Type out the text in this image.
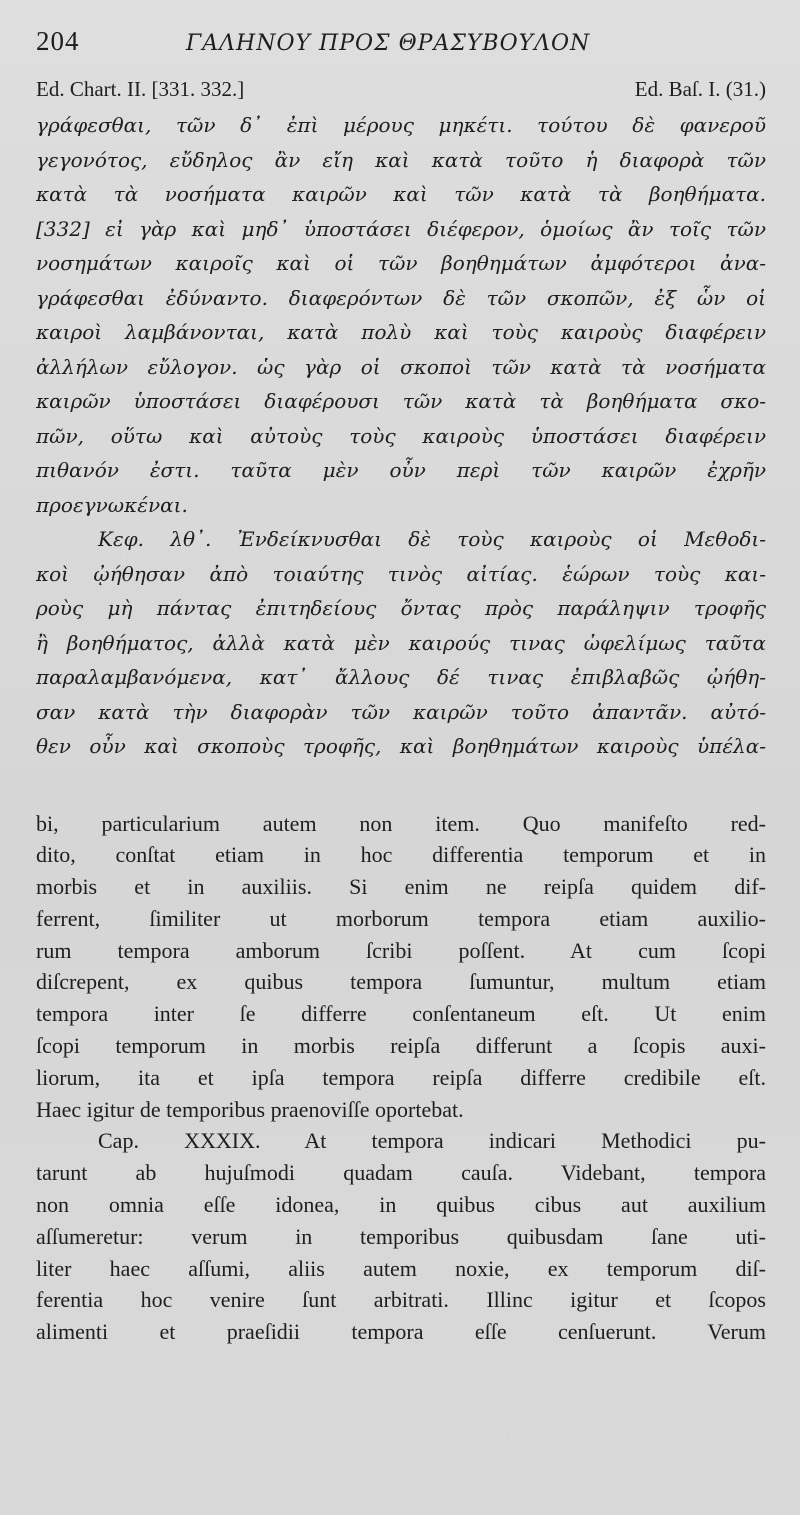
204	ΓΑΛΗΝΟΥ ΠΡΟΣ ΘΡΑΣΥΒΟΥΛΟΝ
Ed. Chart. II. [331. 332.]	Ed. Baſ. I. (31.)
γράφεσθαι, τῶν δ᾽ ἐπὶ μέρους μηκέτι. τούτου δὲ φανεροῦ
γεγονότος, εὔδηλος ἂν εἴη καὶ κατὰ τοῦτο ἡ διαφορὰ τῶν
κατὰ τὰ νοσήματα καιρῶν καὶ τῶν κατὰ τὰ βοηθήματα.
[332] εἰ γὰρ καὶ μηδ᾽ ὑποστάσει διέφερον, ὁμοίως ἂν τοῖς τῶν
νοσημάτων καιροῖς καὶ οἱ τῶν βοηθημάτων ἀμφότεροι ἀνα-
γράφεσθαι ἐδύναντο. διαφερόντων δὲ τῶν σκοπῶν, ἐξ ὧν οἱ
καιροὶ λαμβάνονται, κατὰ πολὺ καὶ τοὺς καιροὺς διαφέρειν
ἀλλήλων εὔλογον. ὡς γὰρ οἱ σκοποὶ τῶν κατὰ τὰ νοσήματα
καιρῶν ὑποστάσει διαφέρουσι τῶν κατὰ τὰ βοηθήματα σκο-
πῶν, οὕτω καὶ αὐτοὺς τοὺς καιροὺς ὑποστάσει διαφέρειν
πιθανόν ἐστι. ταῦτα μὲν οὖν περὶ τῶν καιρῶν ἐχρῆν
προεγνωκέναι.
Κεφ. λθ᾽. Ἐνδείκνυσθαι δὲ τοὺς καιροὺς οἱ Μεθοδι-
κοὶ ᾠήθησαν ἀπὸ τοιαύτης τινὸς αἰτίας. ἑώρων τοὺς και-
ροὺς μὴ πάντας ἐπιτηδείους ὄντας πρὸς παράληψιν τροφῆς
ἢ βοηθήματος, ἀλλὰ κατὰ μὲν καιρούς τινας ὠφελίμως ταῦτα
παραλαμβανόμενα, κατ᾽ ἄλλους δέ τινας ἐπιβλαβῶς ᾠήθη-
σαν κατὰ τὴν διαφορὰν τῶν καιρῶν τοῦτο ἀπαντᾶν. αὐτό-
θεν οὖν καὶ σκοποὺς τροφῆς, καὶ βοηθημάτων καιροὺς ὑπέλα-
bi, particularium autem non item. Quo manifeſto red-
dito, conſtat etiam in hoc differentia temporum et in
morbis et in auxiliis. Si enim ne reipſa quidem dif-
ferrent, ſimiliter ut morborum tempora etiam auxilio-
rum tempora amborum ſcribi poſſent. At cum ſcopi
diſcrepent, ex quibus tempora ſumuntur, multum etiam
tempora inter ſe differre conſentaneum eſt. Ut enim
ſcopi temporum in morbis reipſa differunt a ſcopis auxi-
liorum, ita et ipſa tempora reipſa differre credibile eſt.
Haec igitur de temporibus praenoviſſe oportebat.
Cap. XXXIX. At tempora indicari Methodici pu-
tarunt ab hujuſmodi quadam cauſa. Videbant, tempora
non omnia eſſe idonea, in quibus cibus aut auxilium
aſſumeretur: verum in temporibus quibusdam ſane uti-
liter haec aſſumi, aliis autem noxie, ex temporum diſ-
ferentia hoc venire ſunt arbitrati. Illinc igitur et ſcopos
alimenti et praeſidii tempora eſſe cenſuerunt. Verum
